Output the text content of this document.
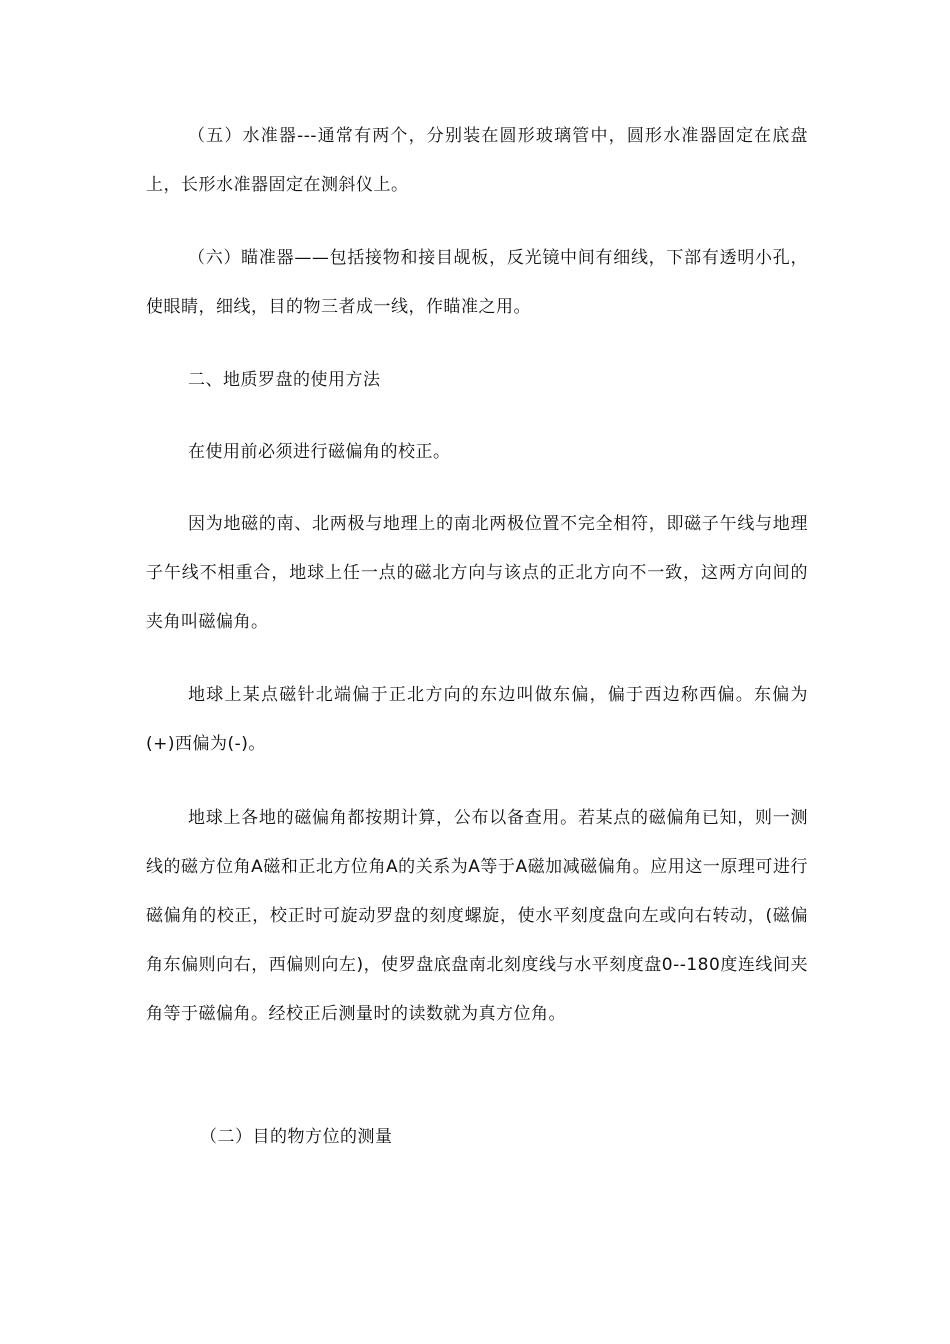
（五）水准器---通常有两个，分别装在圆形玻璃管中，圆形水准器固定在底盘上，长形水准器固定在测斜仪上。

（六）瞄准器——包括接物和接目觇板，反光镜中间有细线，下部有透明小孔，使眼睛，细线，目的物三者成一线，作瞄准之用。

二、地质罗盘的使用方法

在使用前必须进行磁偏角的校正。

因为地磁的南、北两极与地理上的南北两极位置不完全相符，即磁子午线与地理子午线不相重合，地球上任一点的磁北方向与该点的正北方向不一致，这两方向间的夹角叫磁偏角。

地球上某点磁针北端偏于正北方向的东边叫做东偏，偏于西边称西偏。东偏为(+)西偏为(-)。

地球上各地的磁偏角都按期计算，公布以备查用。若某点的磁偏角已知，则一测线的磁方位角A磁和正北方位角A的关系为A等于A磁加减磁偏角。应用这一原理可进行磁偏角的校正，校正时可旋动罗盘的刻度螺旋，使水平刻度盘向左或向右转动，(磁偏角东偏则向右，西偏则向左)，使罗盘底盘南北刻度线与水平刻度盘0--180度连线间夹角等于磁偏角。经校正后测量时的读数就为真方位角。

（二）目的物方位的测量
